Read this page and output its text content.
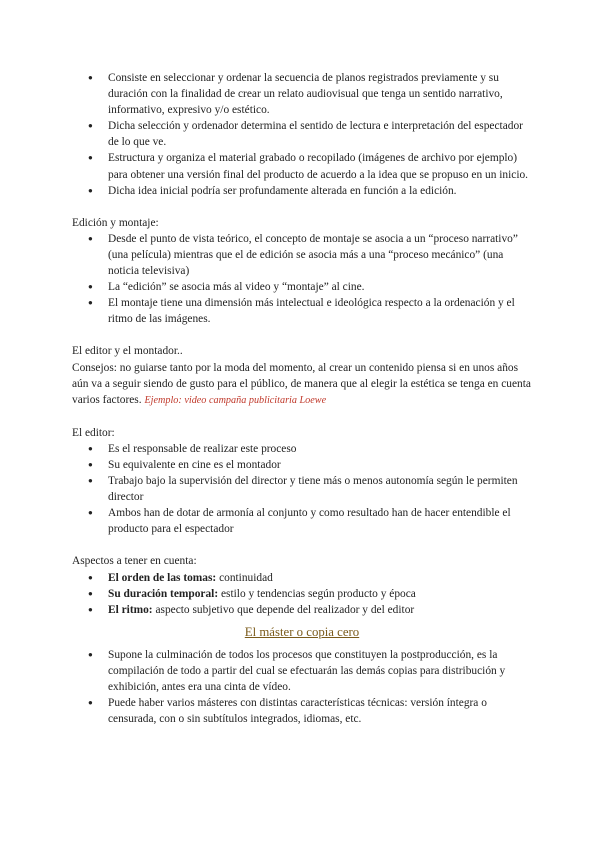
● Consiste en seleccionar y ordenar la secuencia de planos registrados previamente y su duración con la finalidad de crear un relato audiovisual que tenga un sentido narrativo, informativo, expresivo y/o estético.
● Dicha selección y ordenador determina el sentido de lectura e interpretación del espectador de lo que ve.
● Estructura y organiza el material grabado o recopilado (imágenes de archivo por ejemplo) para obtener una versión final del producto de acuerdo a la idea que se propuso en un inicio.
● Dicha idea inicial podría ser profundamente alterada en función a la edición.

Edición y montaje:

● Desde el punto de vista teórico, el concepto de montaje se asocia a un “proceso narrativo” (una película) mientras que el de edición se asocia más a una “proceso mecánico” (una noticia televisiva)
● La “edición” se asocia más al video y “montaje” al cine.
● El montaje tiene una dimensión más intelectual e ideológica respecto a la ordenación y el ritmo de las imágenes.

El editor y el montador..

Consejos: no guiarse tanto por la moda del momento, al crear un contenido piensa si en unos años aún va a seguir siendo de gusto para el público, de manera que al elegir la estética se tenga en cuenta varios factores. Ejemplo: video campaña publicitaria Loewe

El editor:

● Es el responsable de realizar este proceso
● Su equivalente en cine es el montador
● Trabajo bajo la supervisión del director y tiene más o menos autonomía según le permiten director
● Ambos han de dotar de armonía al conjunto y como resultado han de hacer entendible el producto para el espectador

Aspectos a tener en cuenta:

● El orden de las tomas: continuidad
● Su duración temporal: estilo y tendencias según producto y época
● El ritmo: aspecto subjetivo que depende del realizador y del editor
El máster o copia cero
● Supone la culminación de todos los procesos que constituyen la postproducción, es la compilación de todo a partir del cual se efectuarán las demás copias para distribución y exhibición, antes era una cinta de vídeo.
● Puede haber varios másteres con distintas características técnicas: versión íntegra o censurada, con o sin subtítulos integrados, idiomas, etc.
